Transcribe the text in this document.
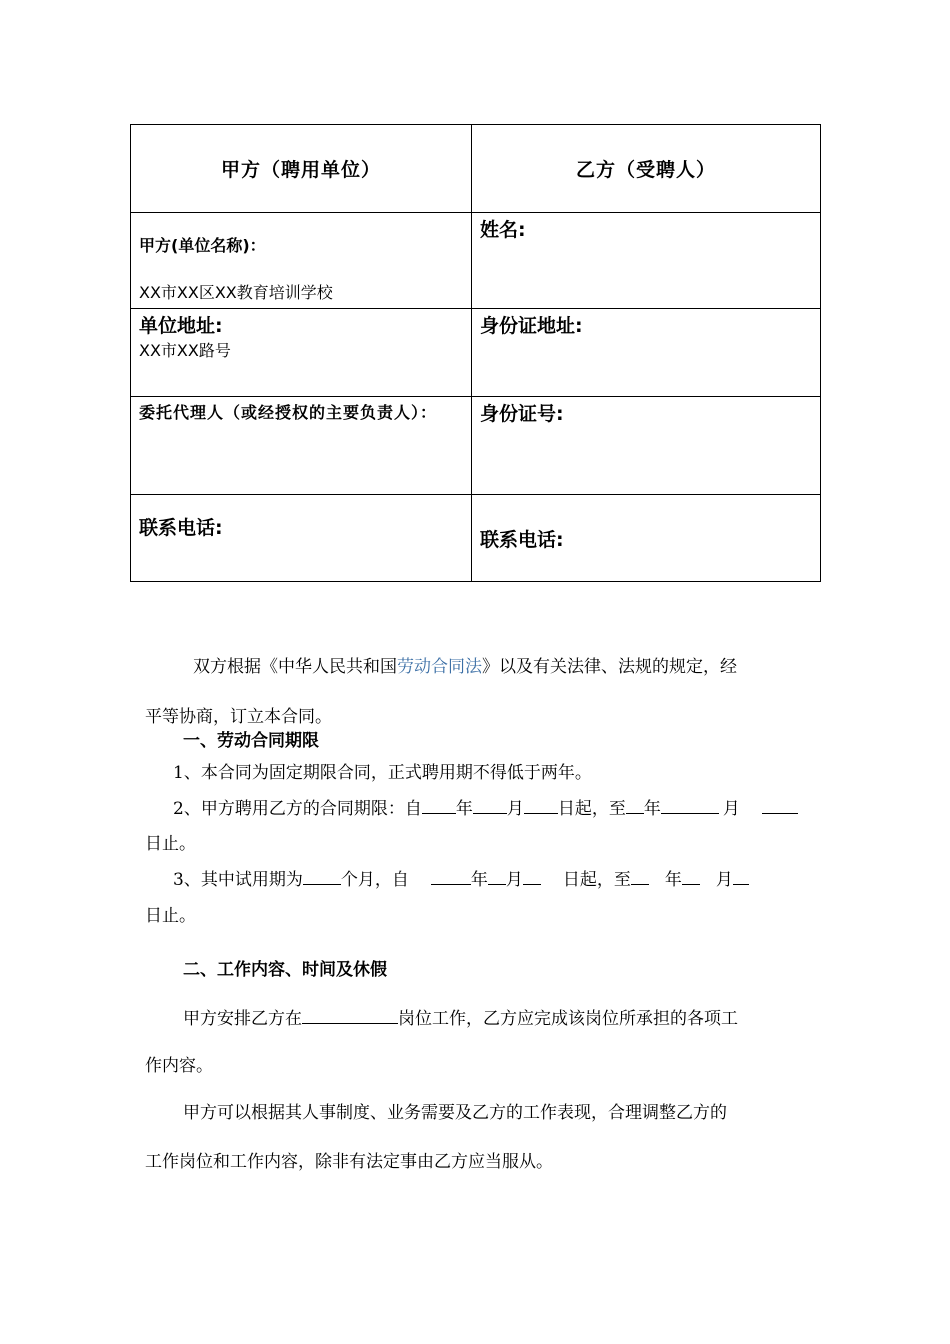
甲方（聘用单位）	乙方（受聘人）

甲方(单位名称)：
XX市XX区XX教育培训学校	姓名:

单位地址:
XX市XX路号	身份证地址:

委托代理人（或经授权的主要负责人）：	身份证号:

联系电话:	联系电话:
双方根据《中华人民共和国劳动合同法》以及有关法律、法规的规定，经
平等协商，订立本合同。
一、劳动合同期限
1、本合同为固定期限合同，正式聘用期不得低于两年。
2、甲方聘用乙方的合同期限：自 年 月 日起，至 年	月
日止。
3、其中试用期为 个月，自	年 月 日起，至 年 月
日止。
二、工作内容、时间及休假
甲方安排乙方在	岗位工作，乙方应完成该岗位所承担的各项工
作内容。
甲方可以根据其人事制度、业务需要及乙方的工作表现，合理调整乙方的
工作岗位和工作内容，除非有法定事由乙方应当服从。
